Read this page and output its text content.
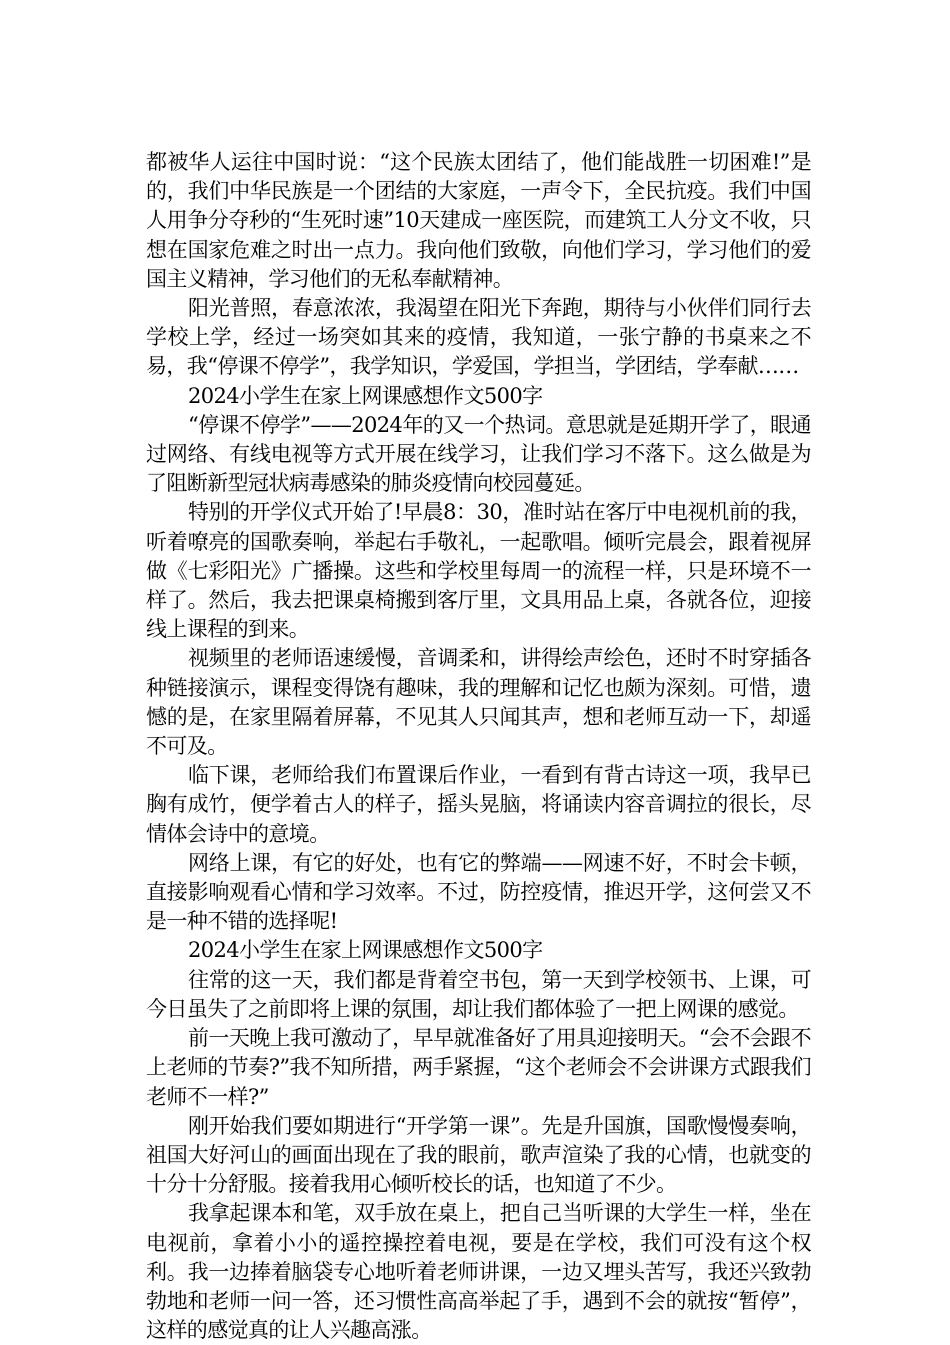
都被华人运往中国时说：“这个民族太团结了，他们能战胜一切困难!”是的，我们中华民族是一个团结的大家庭，一声令下，全民抗疫。我们中国人用争分夺秒的“生死时速”10天建成一座医院，而建筑工人分文不收，只想在国家危难之时出一点力。我向他们致敬，向他们学习，学习他们的爱国主义精神，学习他们的无私奉献精神。

阳光普照，春意浓浓，我渴望在阳光下奔跑，期待与小伙伴们同行去学校上学，经过一场突如其来的疫情，我知道，一张宁静的书桌来之不易，我“停课不停学”，我学知识，学爱国，学担当，学团结，学奉献……

2024小学生在家上网课感想作文500字

“停课不停学”——2024年的又一个热词。意思就是延期开学了，眼通过网络、有线电视等方式开展在线学习，让我们学习不落下。这么做是为了阻断新型冠状病毒感染的肺炎疫情向校园蔓延。

特别的开学仪式开始了!早晨8：30，准时站在客厅中电视机前的我，听着嘹亮的国歌奏响，举起右手敬礼，一起歌唱。倾听完晨会，跟着视屏做《七彩阳光》广播操。这些和学校里每周一的流程一样，只是环境不一样了。然后，我去把课桌椅搬到客厅里，文具用品上桌，各就各位，迎接线上课程的到来。

视频里的老师语速缓慢，音调柔和，讲得绘声绘色，还时不时穿插各种链接演示，课程变得饶有趣味，我的理解和记忆也颇为深刻。可惜，遗憾的是，在家里隔着屏幕，不见其人只闻其声，想和老师互动一下，却遥不可及。

临下课，老师给我们布置课后作业，一看到有背古诗这一项，我早已胸有成竹，便学着古人的样子，摇头晃脑，将诵读内容音调拉的很长，尽情体会诗中的意境。

网络上课，有它的好处，也有它的弊端——网速不好，不时会卡顿，直接影响观看心情和学习效率。不过，防控疫情，推迟开学，这何尝又不是一种不错的选择呢!

2024小学生在家上网课感想作文500字

往常的这一天，我们都是背着空书包，第一天到学校领书、上课，可今日虽失了之前即将上课的氛围，却让我们都体验了一把上网课的感觉。

前一天晚上我可激动了，早早就准备好了用具迎接明天。“会不会跟不上老师的节奏?”我不知所措，两手紧握，“这个老师会不会讲课方式跟我们老师不一样?”

刚开始我们要如期进行“开学第一课”。先是升国旗，国歌慢慢奏响，祖国大好河山的画面出现在了我的眼前，歌声渲染了我的心情，也就变的十分十分舒服。接着我用心倾听校长的话，也知道了不少。

我拿起课本和笔，双手放在桌上，把自己当听课的大学生一样，坐在电视前，拿着小小的遥控操控着电视，要是在学校，我们可没有这个权利。我一边捧着脑袋专心地听着老师讲课，一边又埋头苦写，我还兴致勃勃地和老师一问一答，还习惯性高高举起了手，遇到不会的就按“暂停”，这样的感觉真的让人兴趣高涨。
